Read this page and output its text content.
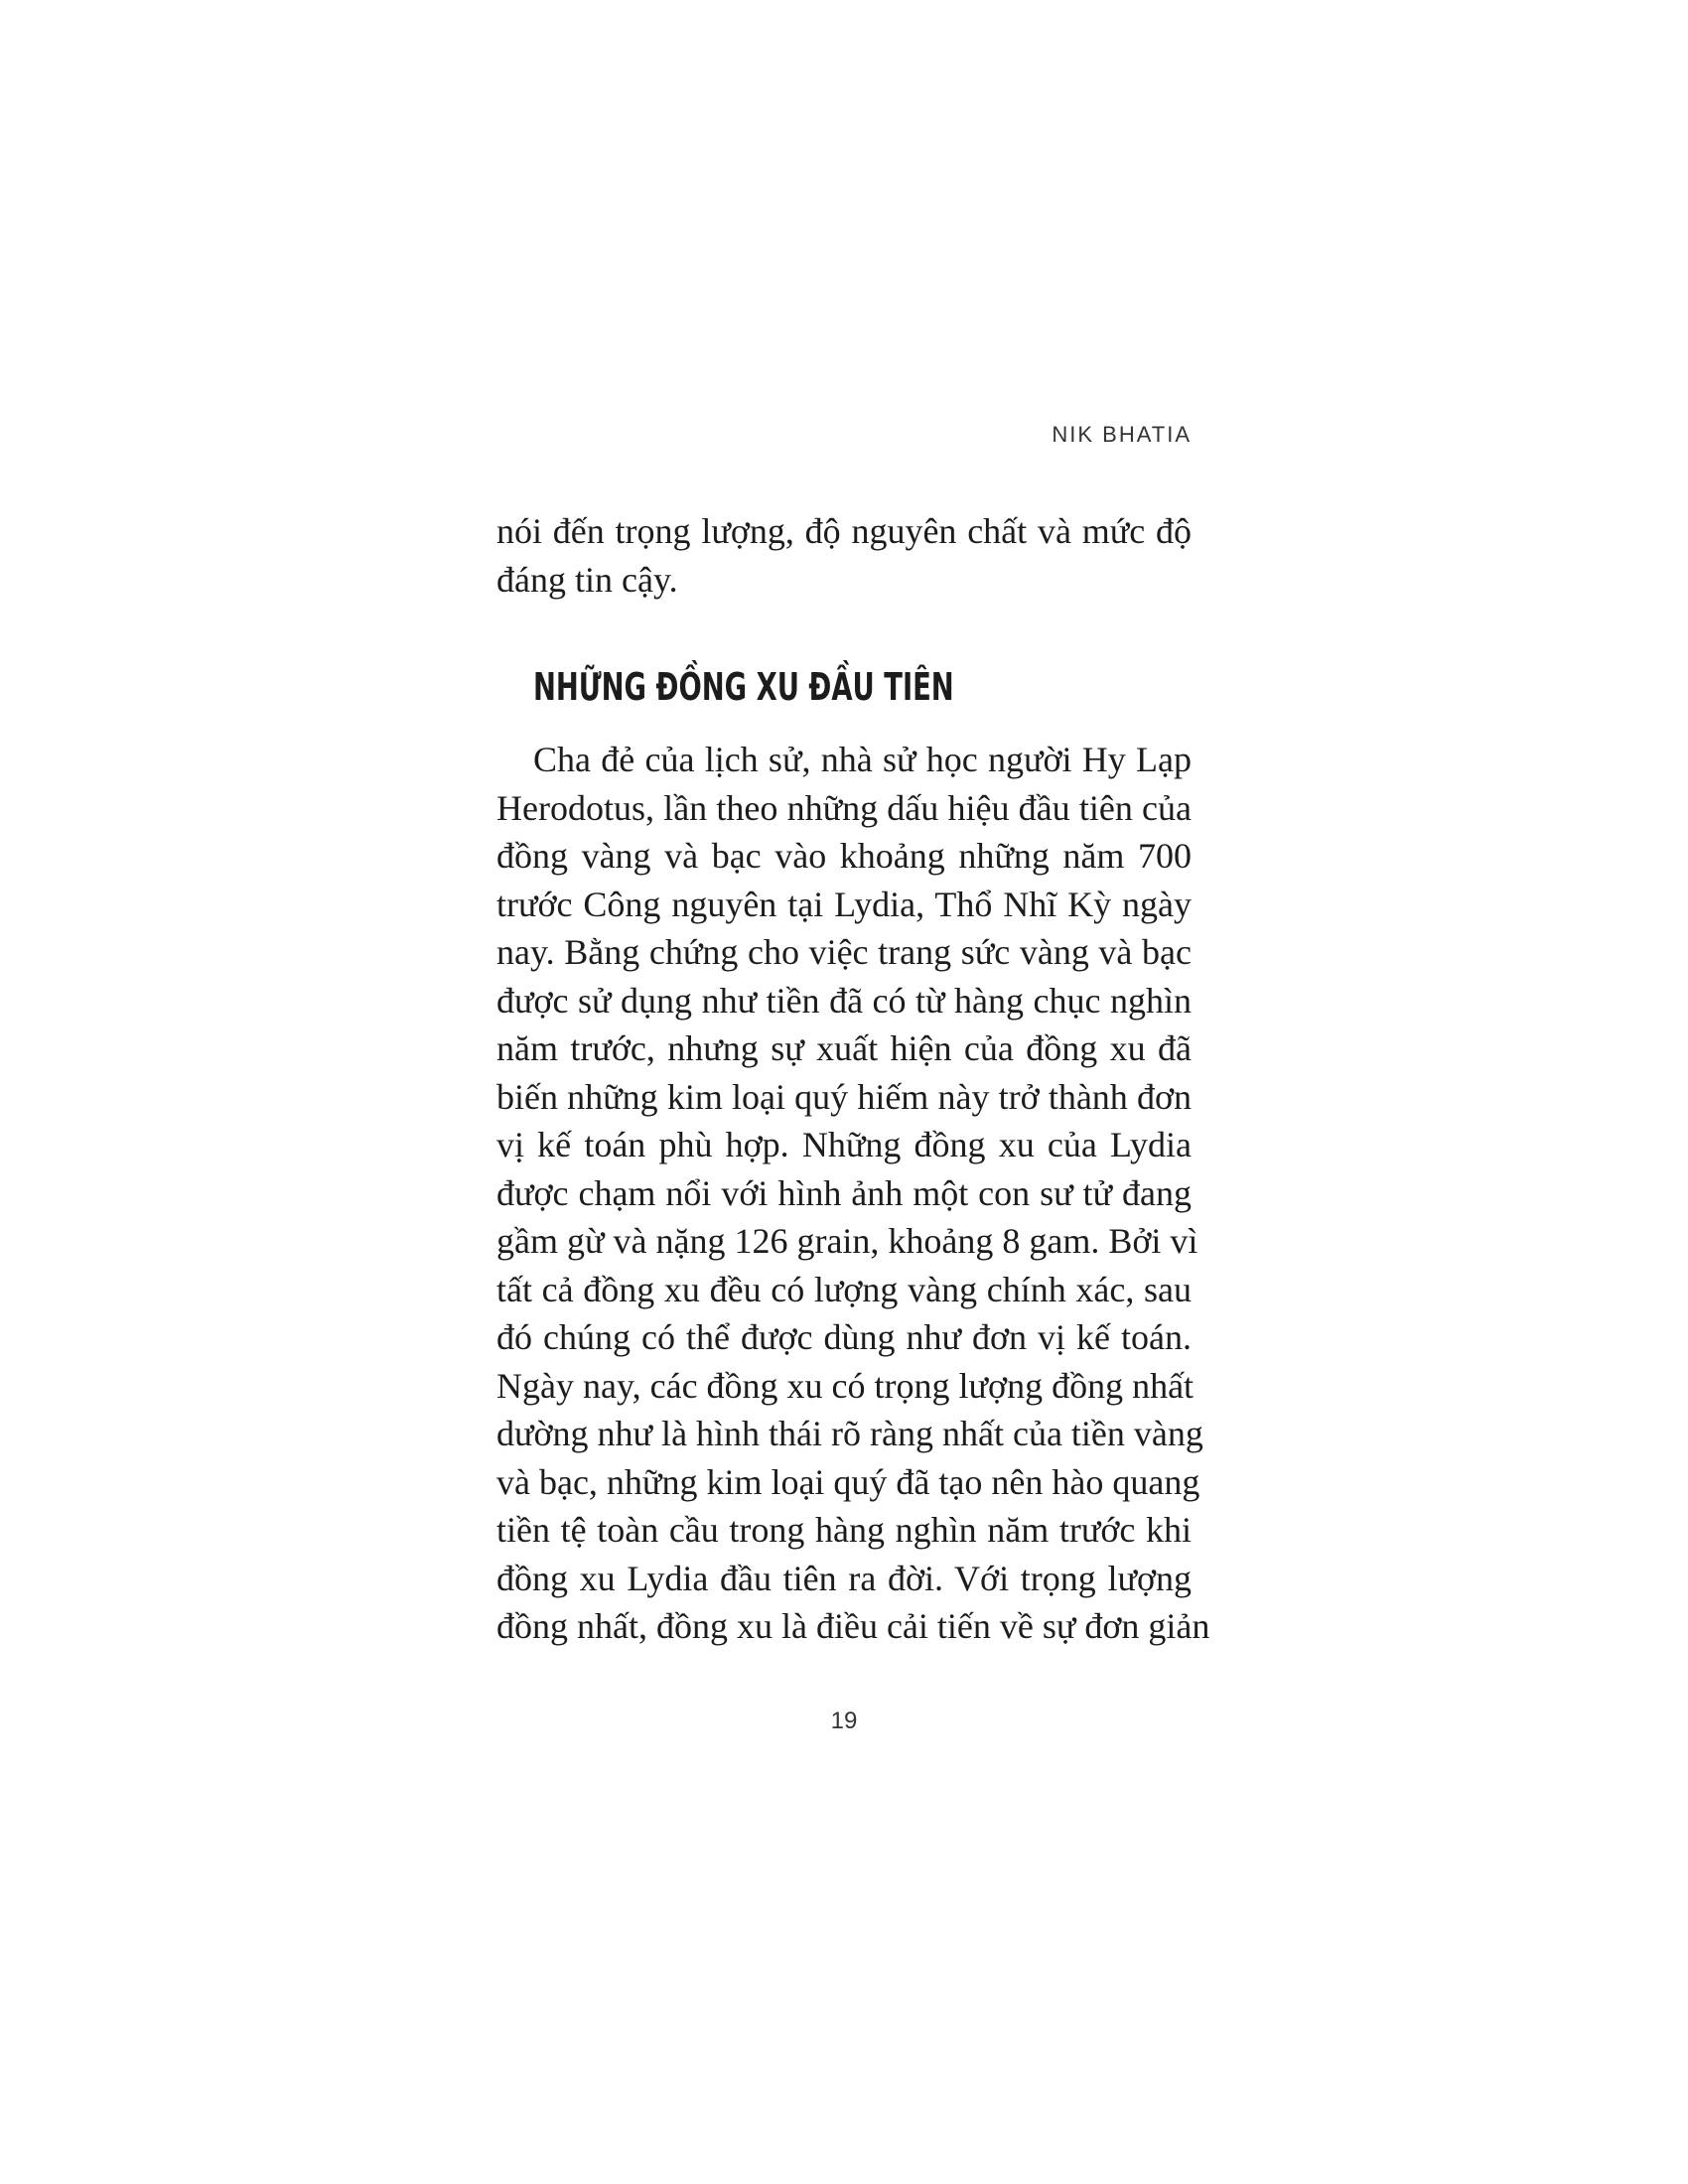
NIK BHATIA
nói đến trọng lượng, độ nguyên chất và mức độ
đáng tin cậy.
NHỮNG ĐỒNG XU ĐẦU TIÊN
Cha đẻ của lịch sử, nhà sử học người Hy Lạp
Herodotus, lần theo những dấu hiệu đầu tiên của
đồng vàng và bạc vào khoảng những năm 700
trước Công nguyên tại Lydia, Thổ Nhĩ Kỳ ngày
nay. Bằng chứng cho việc trang sức vàng và bạc
được sử dụng như tiền đã có từ hàng chục nghìn
năm trước, nhưng sự xuất hiện của đồng xu đã
biến những kim loại quý hiếm này trở thành đơn
vị kế toán phù hợp. Những đồng xu của Lydia
được chạm nổi với hình ảnh một con sư tử đang
gầm gừ và nặng 126 grain, khoảng 8 gam. Bởi vì
tất cả đồng xu đều có lượng vàng chính xác, sau
đó chúng có thể được dùng như đơn vị kế toán.
Ngày nay, các đồng xu có trọng lượng đồng nhất
dường như là hình thái rõ ràng nhất của tiền vàng
và bạc, những kim loại quý đã tạo nên hào quang
tiền tệ toàn cầu trong hàng nghìn năm trước khi
đồng xu Lydia đầu tiên ra đời. Với trọng lượng
đồng nhất, đồng xu là điều cải tiến về sự đơn giản
19
